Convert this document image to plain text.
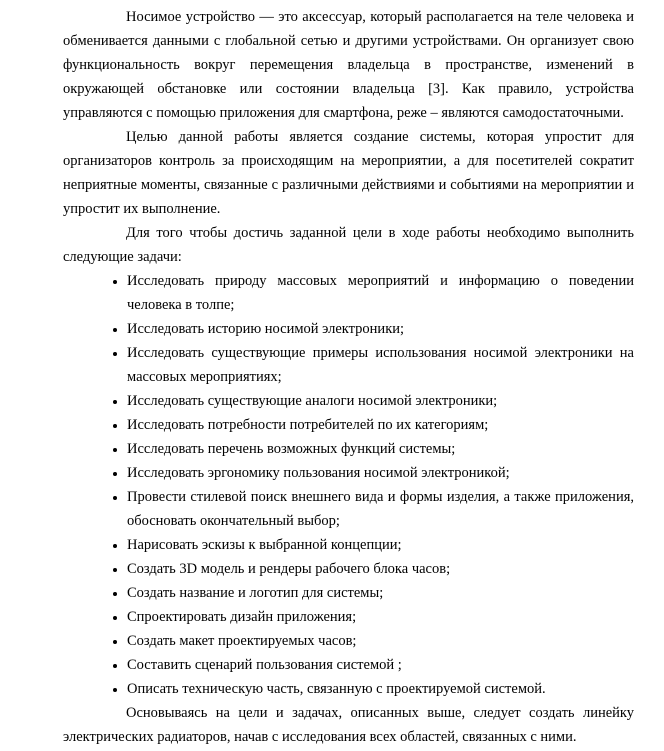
Носимое устройство — это аксессуар, который располагается на теле человека и обменивается данными с глобальной сетью и другими устройствами. Он организует свою функциональность вокруг перемещения владельца в пространстве, изменений в окружающей обстановке или состоянии владельца [3]. Как правило, устройства управляются с помощью приложения для смартфона, реже – являются самодостаточными.

Целью данной работы является создание системы, которая упростит для организаторов контроль за происходящим на мероприятии, а для посетителей сократит неприятные моменты, связанные с различными действиями и событиями на мероприятии и упростит их выполнение.

Для того чтобы достичь заданной цели в ходе работы необходимо выполнить следующие задачи:

• Исследовать природу массовых мероприятий и информацию о поведении человека в толпе;
• Исследовать историю носимой электроники;
• Исследовать существующие примеры использования носимой электроники на массовых мероприятиях;
• Исследовать существующие аналоги носимой электроники;
• Исследовать потребности потребителей по их категориям;
• Исследовать перечень возможных функций системы;
• Исследовать эргономику пользования носимой электроникой;
• Провести стилевой поиск внешнего вида и формы изделия, а также приложения, обосновать окончательный выбор;
• Нарисовать эскизы к выбранной концепции;
• Создать 3D модель и рендеры рабочего блока часов;
• Создать название и логотип для системы;
• Спроектировать дизайн приложения;
• Создать макет проектируемых часов;
• Составить сценарий пользования системой ;
• Описать техническую часть, связанную с проектируемой системой.

Основываясь на цели и задачах, описанных выше, следует создать линейку электрических радиаторов, начав с исследования всех областей, связанных с ними.
